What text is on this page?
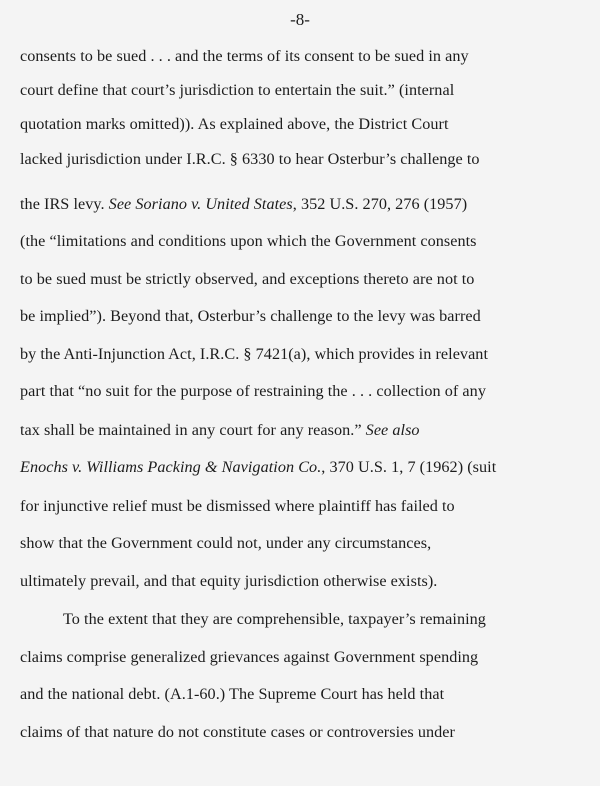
-8-
consents to be sued . . . and the terms of its consent to be sued in any
court define that court’s jurisdiction to entertain the suit.” (internal
quotation marks omitted)). As explained above, the District Court
lacked jurisdiction under I.R.C. § 6330 to hear Osterbur’s challenge to
the IRS levy. See Soriano v. United States, 352 U.S. 270, 276 (1957)
(the “limitations and conditions upon which the Government consents
to be sued must be strictly observed, and exceptions thereto are not to
be implied”). Beyond that, Osterbur’s challenge to the levy was barred
by the Anti-Injunction Act, I.R.C. § 7421(a), which provides in relevant
part that “no suit for the purpose of restraining the . . . collection of any
tax shall be maintained in any court for any reason.” See also
Enochs v. Williams Packing & Navigation Co., 370 U.S. 1, 7 (1962) (suit
for injunctive relief must be dismissed where plaintiff has failed to
show that the Government could not, under any circumstances,
ultimately prevail, and that equity jurisdiction otherwise exists).
To the extent that they are comprehensible, taxpayer’s remaining
claims comprise generalized grievances against Government spending
and the national debt. (A.1-60.) The Supreme Court has held that
claims of that nature do not constitute cases or controversies under
